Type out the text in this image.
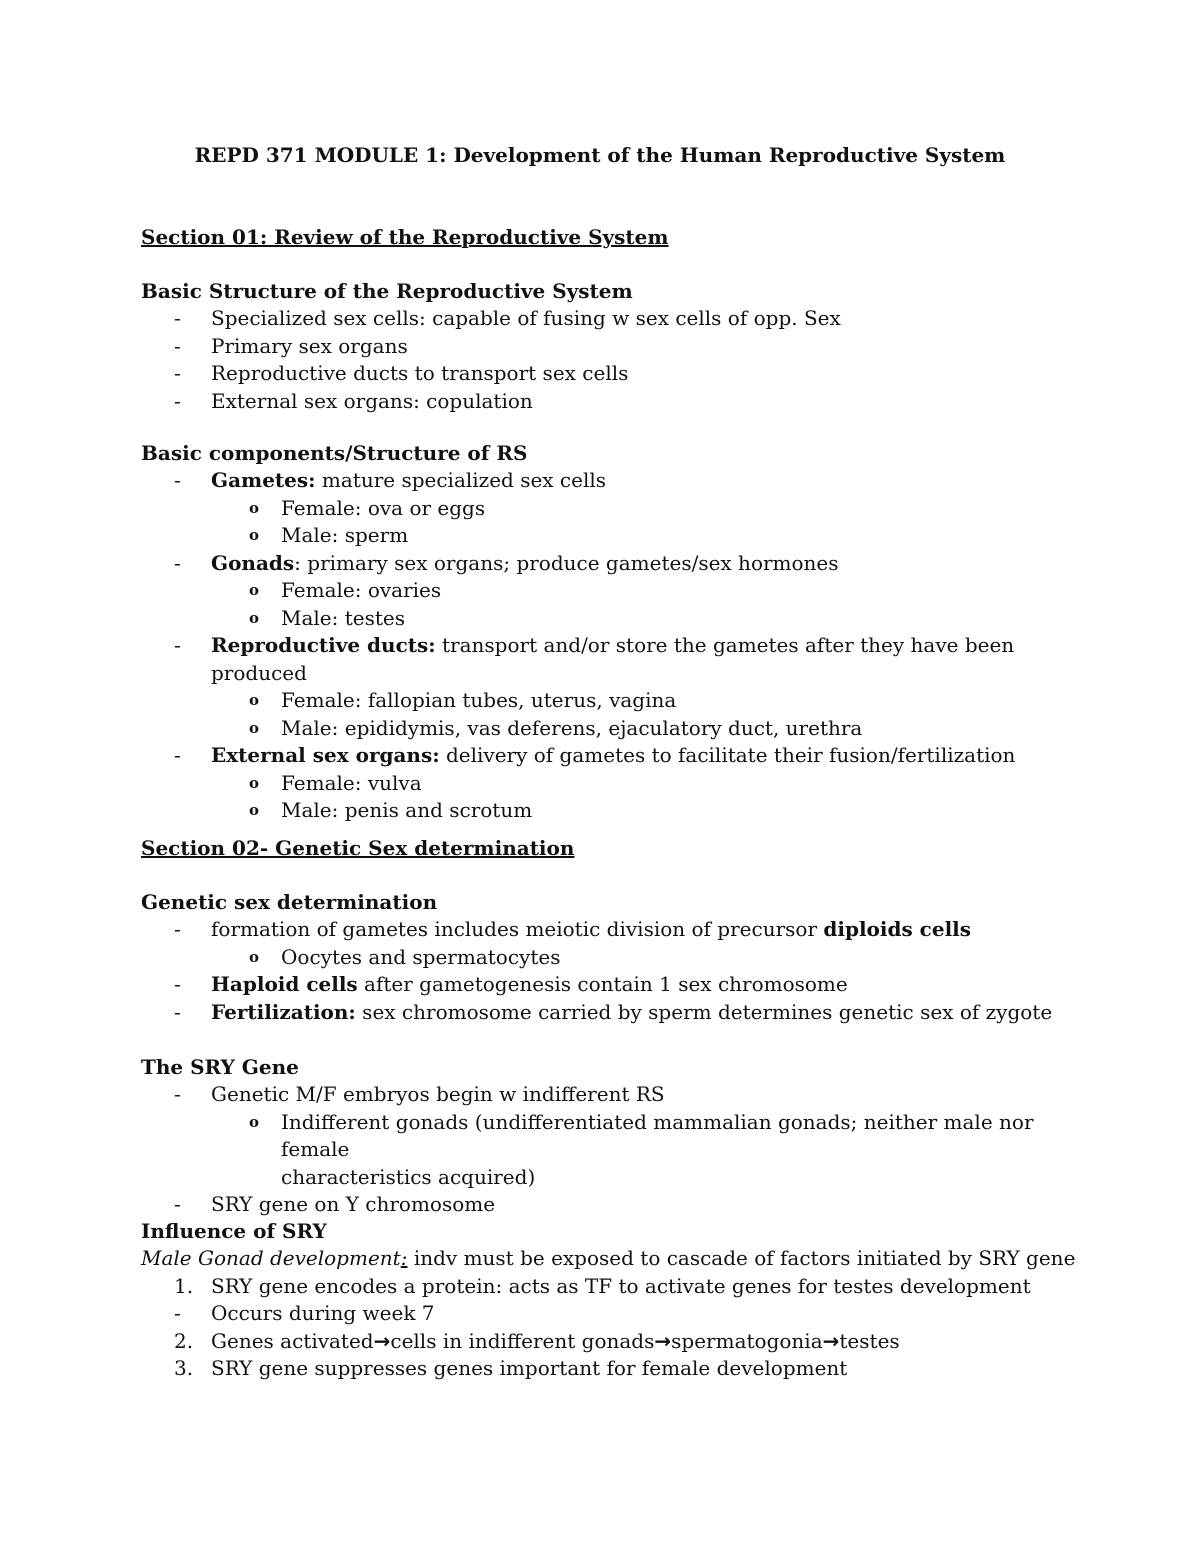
REPD 371 MODULE 1: Development of the Human Reproductive System
Section 01: Review of the Reproductive System
Basic Structure of the Reproductive System
- Specialized sex cells: capable of fusing w sex cells of opp. Sex
- Primary sex organs
- Reproductive ducts to transport sex cells
- External sex organs: copulation
Basic components/Structure of RS
- Gametes: mature specialized sex cells
o Female: ova or eggs
o Male: sperm
- Gonads: primary sex organs; produce gametes/sex hormones
o Female: ovaries
o Male: testes
- Reproductive ducts: transport and/or store the gametes after they have been produced
o Female: fallopian tubes, uterus, vagina
o Male: epididymis, vas deferens, ejaculatory duct, urethra
- External sex organs: delivery of gametes to facilitate their fusion/fertilization
o Female: vulva
o Male: penis and scrotum
Section 02- Genetic Sex determination
Genetic sex determination
- formation of gametes includes meiotic division of precursor diploids cells
o Oocytes and spermatocytes
- Haploid cells after gametogenesis contain 1 sex chromosome
- Fertilization: sex chromosome carried by sperm determines genetic sex of zygote
The SRY Gene
- Genetic M/F embryos begin w indifferent RS
o Indifferent gonads (undifferentiated mammalian gonads; neither male nor female
characteristics acquired)
- SRY gene on Y chromosome
Influence of SRY
Male Gonad development: indv must be exposed to cascade of factors initiated by SRY gene
1. SRY gene encodes a protein: acts as TF to activate genes for testes development
- Occurs during week 7
2. Genes activated→cells in indifferent gonads→spermatogonia→testes
3. SRY gene suppresses genes important for female development
